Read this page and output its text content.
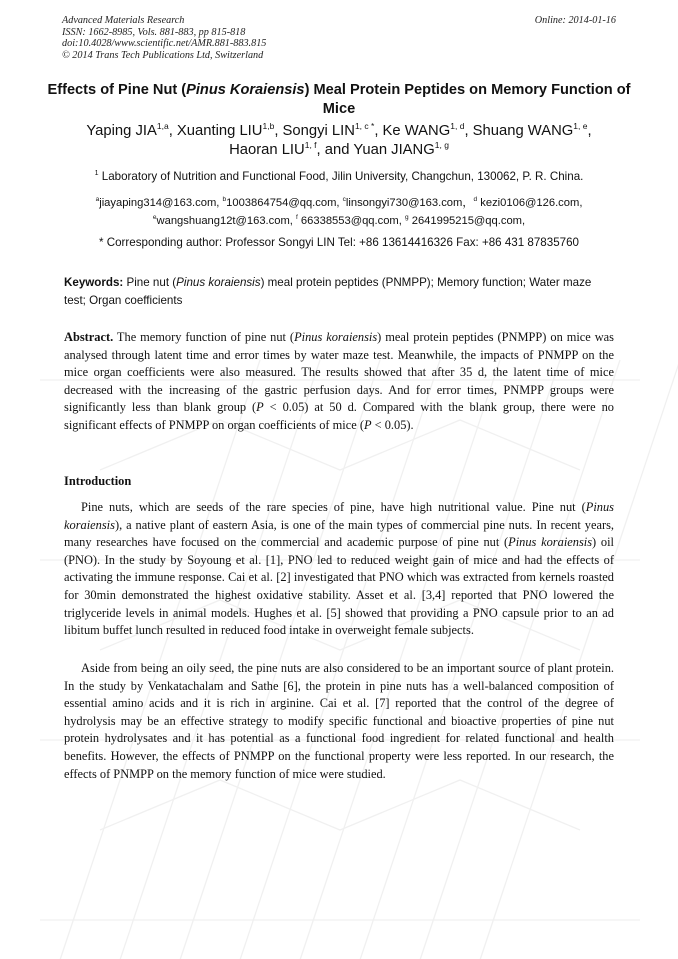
Advanced Materials Research
ISSN: 1662-8985, Vols. 881-883, pp 815-818
doi:10.4028/www.scientific.net/AMR.881-883.815
© 2014 Trans Tech Publications Ltd, Switzerland
Online: 2014-01-16
Effects of Pine Nut (Pinus Koraiensis) Meal Protein Peptides on Memory Function of Mice
Yaping JIA$^{1,a}$, Xuanting LIU$^{1,b}$, Songyi $LIN^{1, c *}$, Ke WANG$^{1, d}$, Shuang WANG$^{1, e}$,
Haoran LIU$^{1, f}$, and Yuan JIANG$^{1, g}$
$^1$ Laboratory of Nutrition and Functional Food, Jilin University, Changchun, 130062, P. R. China.
$^a$jiayaping314@163.com, $^b$1003864754@qq.com, $^c$linsongyi730@163.com，$^d$ kezi0106@126.com,
$^e$wangshuang12t@163.com, $^f$ 66338553@qq.com, $^g$ 2641995215@qq.com,
* Corresponding author: Professor Songyi LIN Tel: +86 13614416326 Fax: +86 431 87835760
Keywords: Pine nut (Pinus koraiensis) meal protein peptides (PNMPP); Memory function; Water maze test; Organ coefficients
Abstract. The memory function of pine nut (Pinus koraiensis) meal protein peptides (PNMPP) on mice was analysed through latent time and error times by water maze test. Meanwhile, the impacts of PNMPP on the mice organ coefficients were also measured. The results showed that after 35 d, the latent time of mice decreased with the increasing of the gastric perfusion days. And for error times, PNMPP groups were significantly less than blank group (P < 0.05) at 50 d. Compared with the blank group, there were no significant effects of PNMPP on organ coefficients of mice (P < 0.05).
Introduction
Pine nuts, which are seeds of the rare species of pine, have high nutritional value. Pine nut (Pinus koraiensis), a native plant of eastern Asia, is one of the main types of commercial pine nuts. In recent years, many researches have focused on the commercial and academic purpose of pine nut (Pinus koraiensis) oil (PNO). In the study by Soyoung et al. [1], PNO led to reduced weight gain of mice and had the effects of activating the immune response. Cai et al. [2] investigated that PNO which was extracted from kernels roasted for 30min demonstrated the highest oxidative stability. Asset et al. [3,4] reported that PNO lowered the triglyceride levels in animal models. Hughes et al. [5] showed that providing a PNO capsule prior to an ad libitum buffet lunch resulted in reduced food intake in overweight female subjects.
Aside from being an oily seed, the pine nuts are also considered to be an important source of plant protein. In the study by Venkatachalam and Sathe [6], the protein in pine nuts has a well-balanced composition of essential amino acids and it is rich in arginine. Cai et al. [7] reported that the control of the degree of hydrolysis may be an effective strategy to modify specific functional and bioactive properties of pine nut protein hydrolysates and it has potential as a functional food ingredient for related functional and health benefits. However, the effects of PNMPP on the functional property were less reported. In our research, the effects of PNMPP on the memory function of mice were studied.
